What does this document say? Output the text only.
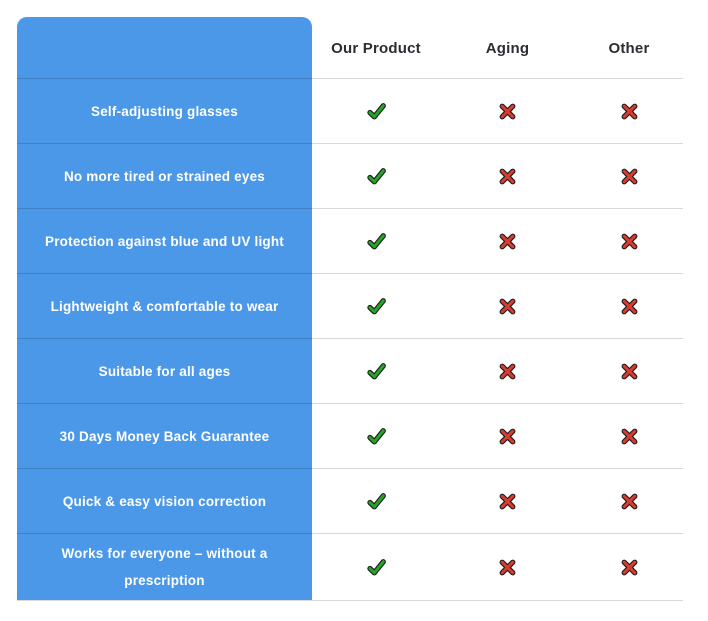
Our Product	Aging	Other
Self-adjusting glasses
No more tired or strained eyes
Protection against blue and UV light
Lightweight & comfortable to wear
Suitable for all ages
30 Days Money Back Guarantee
Quick & easy vision correction
Works for everyone – without a prescription
